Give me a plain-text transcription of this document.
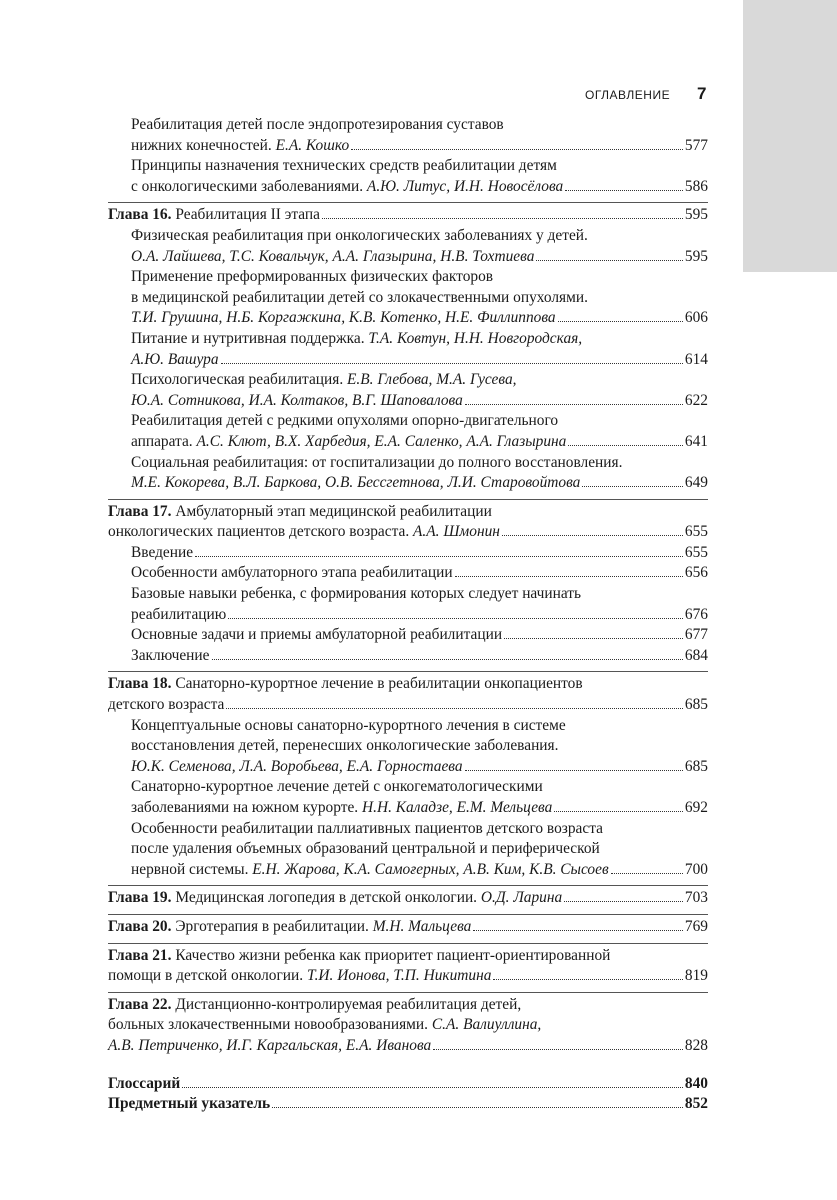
ОГЛАВЛЕНИЕ 7
Реабилитация детей после эндопротезирования суставов
нижних конечностей. Е.А. Кошко	577
Принципы назначения технических средств реабилитации детям
с онкологическими заболеваниями. А.Ю. Литус, И.Н. Новосёлова	586
Глава 16. Реабилитация II этапа	595
Физическая реабилитация при онкологических заболеваниях у детей.
О.А. Лайшева, Т.С. Ковальчук, А.А. Глазырина, Н.В. Тохтиева	595
Применение преформированных физических факторов
в медицинской реабилитации детей со злокачественными опухолями.
Т.И. Грушина, Н.Б. Коргажкина, К.В. Котенко, Н.Е. Филлиппова	606
Питание и нутритивная поддержка. Т.А. Ковтун, Н.Н. Новгородская,
А.Ю. Вашура	614
Психологическая реабилитация. Е.В. Глебова, М.А. Гусева,
Ю.А. Сотникова, И.А. Колтаков, В.Г. Шаповалова	622
Реабилитация детей с редкими опухолями опорно-двигательного
аппарата. А.С. Клют, В.Х. Харбедия, Е.А. Саленко, А.А. Глазырина	641
Социальная реабилитация: от госпитализации до полного восстановления.
М.Е. Кокорева, В.Л. Баркова, О.В. Бессгетнова, Л.И. Старовойтова	649
Глава 17. Амбулаторный этап медицинской реабилитации
онкологических пациентов детского возраста. А.А. Шмонин	655
Введение	655
Особенности амбулаторного этапа реабилитации	656
Базовые навыки ребенка, с формирования которых следует начинать
реабилитацию	676
Основные задачи и приемы амбулаторной реабилитации	677
Заключение	684
Глава 18. Санаторно-курортное лечение в реабилитации онкопациентов
детского возраста	685
Концептуальные основы санаторно-курортного лечения в системе
восстановления детей, перенесших онкологические заболевания.
Ю.К. Семенова, Л.А. Воробьева, Е.А. Горностаева	685
Санаторно-курортное лечение детей с онкогематологическими
заболеваниями на южном курорте. Н.Н. Каладзе, Е.М. Мельцева	692
Особенности реабилитации паллиативных пациентов детского возраста
после удаления объемных образований центральной и периферической
нервной системы. Е.Н. Жарова, К.А. Самоғерных, А.В. Ким, К.В. Сысоев	700
Глава 19. Медицинская логопедия в детской онкологии. О.Д. Ларина	703
Глава 20. Эрготерапия в реабилитации. М.Н. Мальцева	769
Глава 21. Качество жизни ребенка как приоритет пациент-ориентированной
помощи в детской онкологии. Т.И. Ионова, Т.П. Никитина	819
Глава 22. Дистанционно-контролируемая реабилитация детей,
больных злокачественными новообразованиями. С.А. Валиуллина,
А.В. Петриченко, И.Г. Каргальская, Е.А. Иванова	828
Глоссарий	840
Предметный указатель	852
